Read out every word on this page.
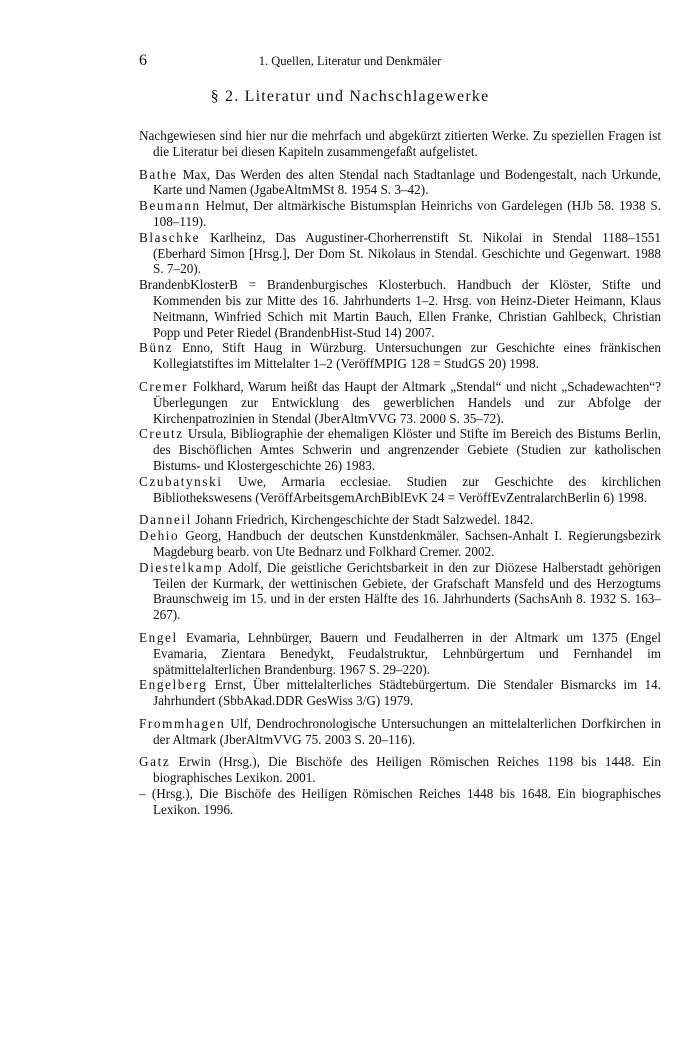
6	1. Quellen, Literatur und Denkmäler
§ 2. Literatur und Nachschlagewerke
Nachgewiesen sind hier nur die mehrfach und abgekürzt zitierten Werke. Zu speziellen Fragen ist die Literatur bei diesen Kapiteln zusammengefaßt aufgelistet.
Bathe Max, Das Werden des alten Stendal nach Stadtanlage und Bodengestalt, nach Urkunde, Karte und Namen (JgabeAltmMSt 8. 1954 S. 3–42).
Beumann Helmut, Der altmärkische Bistumsplan Heinrichs von Gardelegen (HJb 58. 1938 S. 108–119).
Blaschke Karlheinz, Das Augustiner-Chorherrenstift St. Nikolai in Stendal 1188–1551 (Eberhard Simon [Hrsg.], Der Dom St. Nikolaus in Stendal. Geschichte und Gegenwart. 1988 S. 7–20).
BrandenbKlosterB = Brandenburgisches Klosterbuch. Handbuch der Klöster, Stifte und Kommenden bis zur Mitte des 16. Jahrhunderts 1–2. Hrsg. von Heinz-Dieter Heimann, Klaus Neitmann, Winfried Schich mit Martin Bauch, Ellen Franke, Christian Gahlbeck, Christian Popp und Peter Riedel (BrandenbHist-Stud 14) 2007.
Bünz Enno, Stift Haug in Würzburg. Untersuchungen zur Geschichte eines fränkischen Kollegiatstiftes im Mittelalter 1–2 (VeröffMPIG 128 = StudGS 20) 1998.
Cremer Folkhard, Warum heißt das Haupt der Altmark „Stendal“ und nicht „Schadewachten“? Überlegungen zur Entwicklung des gewerblichen Handels und zur Abfolge der Kirchenpatrozinien in Stendal (JberAltmVVG 73. 2000 S. 35–72).
Creutz Ursula, Bibliographie der ehemaligen Klöster und Stifte im Bereich des Bistums Berlin, des Bischöflichen Amtes Schwerin und angrenzender Gebiete (Studien zur katholischen Bistums- und Klostergeschichte 26) 1983.
Czubatynski Uwe, Armaria ecclesiae. Studien zur Geschichte des kirchlichen Bibliothekswesens (VeröffArbeitsgemArchBiblEvK 24 = VeröffEvZentralarchBerlin 6) 1998.
Danneil Johann Friedrich, Kirchengeschichte der Stadt Salzwedel. 1842.
Dehio Georg, Handbuch der deutschen Kunstdenkmäler. Sachsen-Anhalt I. Regierungsbezirk Magdeburg bearb. von Ute Bednarz und Folkhard Cremer. 2002.
Diestelkamp Adolf, Die geistliche Gerichtsbarkeit in den zur Diözese Halberstadt gehörigen Teilen der Kurmark, der wettinischen Gebiete, der Grafschaft Mansfeld und des Herzogtums Braunschweig im 15. und in der ersten Hälfte des 16. Jahrhunderts (SachsAnh 8. 1932 S. 163–267).
Engel Evamaria, Lehnbürger, Bauern und Feudalherren in der Altmark um 1375 (Engel Evamaria, Zientara Benedykt, Feudalstruktur, Lehnbürgertum und Fernhandel im spätmittelalterlichen Brandenburg. 1967 S. 29–220).
Engelberg Ernst, Über mittelalterliches Städtebürgertum. Die Stendaler Bismarcks im 14. Jahrhundert (SbbAkad.DDR GesWiss 3/G) 1979.
Frommhagen Ulf, Dendrochronologische Untersuchungen an mittelalterlichen Dorfkirchen in der Altmark (JberAltmVVG 75. 2003 S. 20–116).
Gatz Erwin (Hrsg.), Die Bischöfe des Heiligen Römischen Reiches 1198 bis 1448. Ein biographisches Lexikon. 2001.
– (Hrsg.), Die Bischöfe des Heiligen Römischen Reiches 1448 bis 1648. Ein biographisches Lexikon. 1996.
